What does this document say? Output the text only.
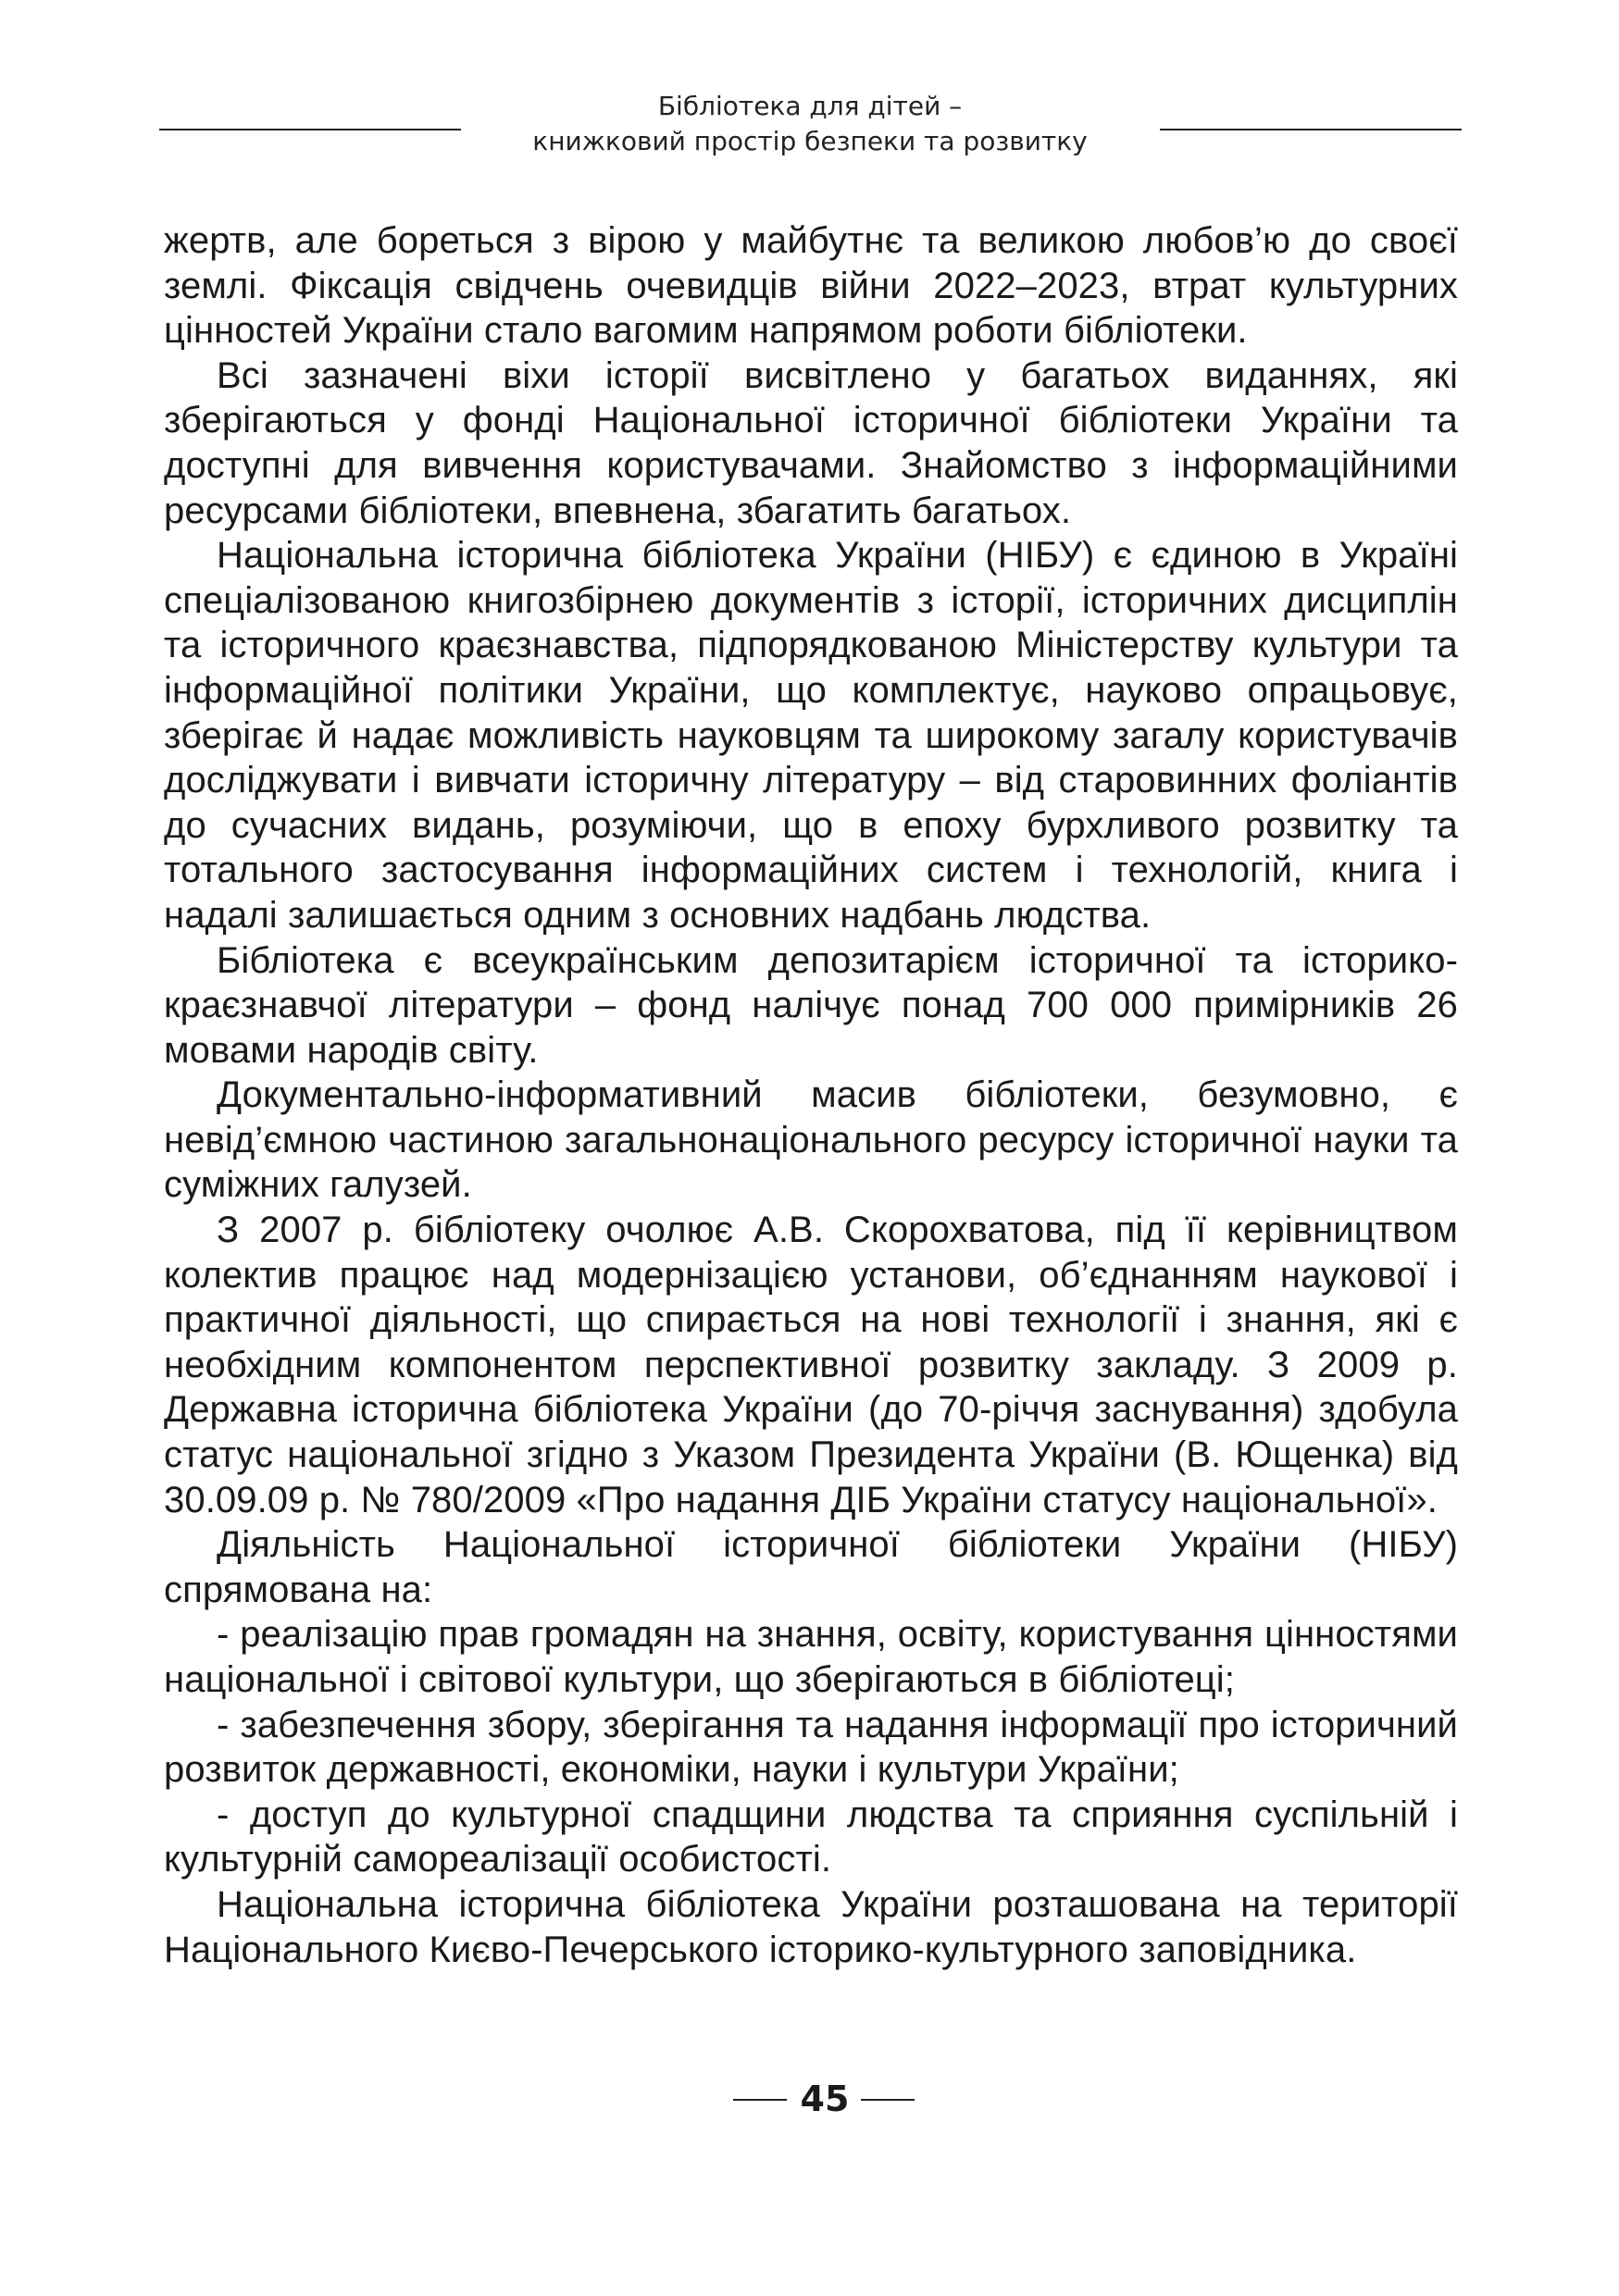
Бібліотека для дітей –
книжковий простір безпеки та розвитку

жертв, але бореться з вірою у майбутнє та великою любов’ю до своєї землі. Фіксація свідчень очевидців війни 2022–2023, втрат культурних цінностей України стало вагомим напрямом роботи бібліотеки.

Всі зазначені віхи історії висвітлено у багатьох виданнях, які зберігаються у фонді Національної історичної бібліотеки України та доступні для вивчення користувачами. Знайомство з інформаційними ресурсами бібліотеки, впевнена, збагатить багатьох.

Національна історична бібліотека України (НІБУ) є єдиною в Україні спеціалізованою книгозбірнею документів з історії, історичних дисциплін та історичного краєзнавства, підпорядкованою Міністерству культури та інформаційної політики України, що комплектує, науково опрацьовує, зберігає й надає можливість науковцям та широкому загалу користувачів досліджувати і вивчати історичну літературу – від старовинних фоліантів до сучасних видань, розуміючи, що в епоху бурхливого розвитку та тотального застосування інформаційних систем і технологій, книга і надалі залишається одним з основних надбань людства.

Бібліотека є всеукраїнським депозитарієм історичної та історико-краєзнавчої літератури – фонд налічує понад 700 000 примірників 26 мовами народів світу.

Документально-інформативний масив бібліотеки, безумовно, є невід’ємною частиною загальнонаціонального ресурсу історичної науки та суміжних галузей.

З 2007 р. бібліотеку очолює А.В. Скорохватова, під її керівництвом колектив працює над модернізацією установи, об’єднанням наукової і практичної діяльності, що спирається на нові технології і знання, які є необхідним компонентом перспективної розвитку закладу. З 2009 р. Державна історична бібліотека України (до 70-річчя заснування) здобула статус національної згідно з Указом Президента України (В. Ющенка) від 30.09.09 р. № 780/2009 «Про надання ДІБ України статусу національної».

Діяльність Національної історичної бібліотеки України (НІБУ) спрямована на:

- реалізацію прав громадян на знання, освіту, користування цінностями національної і світової культури, що зберігаються в бібліотеці;

- забезпечення збору, зберігання та надання інформації про історичний розвиток державності, економіки, науки і культури України;

- доступ до культурної спадщини людства та сприяння суспільній і культурній самореалізації особистості.

Національна історична бібліотека України розташована на території Національного Києво-Печерського історико-культурного заповідника.

45
